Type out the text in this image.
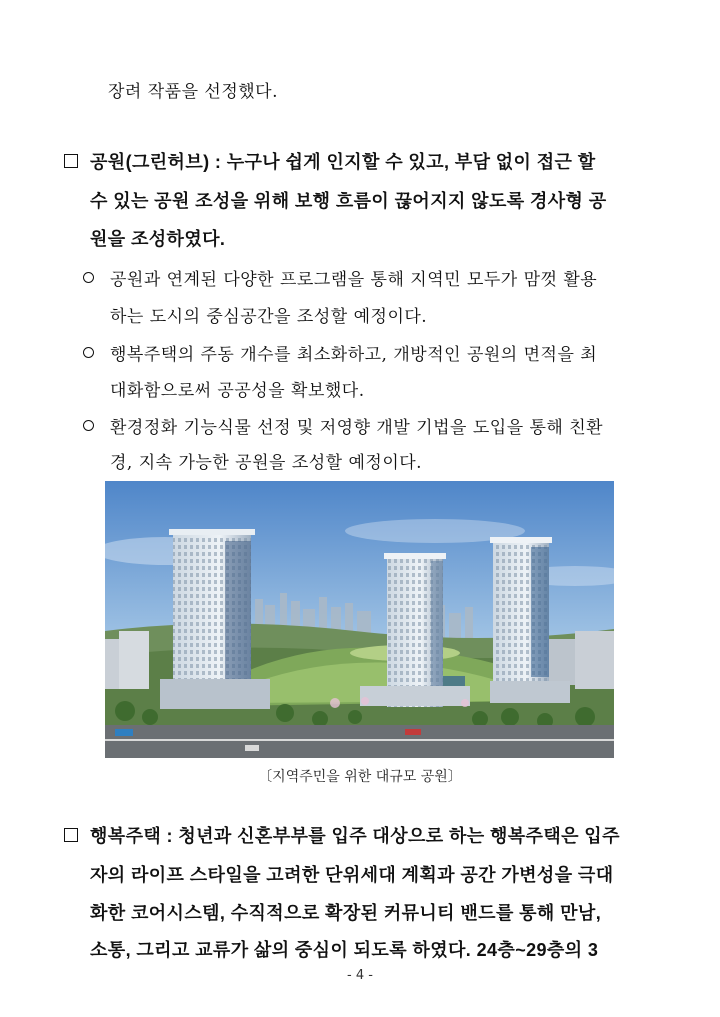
장려 작품을 선정했다.
공원(그린허브) : 누구나 쉽게 인지할 수 있고, 부담 없이 접근 할
수 있는 공원 조성을 위해 보행 흐름이 끊어지지 않도록 경사형 공
원을 조성하였다.
공원과 연계된 다양한 프로그램을 통해 지역민 모두가 맘껏 활용
하는 도시의 중심공간을 조성할 예정이다.
행복주택의 주동 개수를 최소화하고, 개방적인 공원의 면적을 최
대화함으로써 공공성을 확보했다.
환경정화 기능식물 선정 및 저영향 개발 기법을 도입을 통해 친환
경, 지속 가능한 공원을 조성할 예정이다.
〔지역주민을 위한 대규모 공원〕
행복주택 : 청년과 신혼부부를 입주 대상으로 하는 행복주택은 입주
자의 라이프 스타일을 고려한 단위세대 계획과 공간 가변성을 극대
화한 코어시스템, 수직적으로 확장된 커뮤니티 밴드를 통해 만남,
소통, 그리고 교류가 삶의 중심이 되도록 하였다. 24층~29층의 3
- 4 -
